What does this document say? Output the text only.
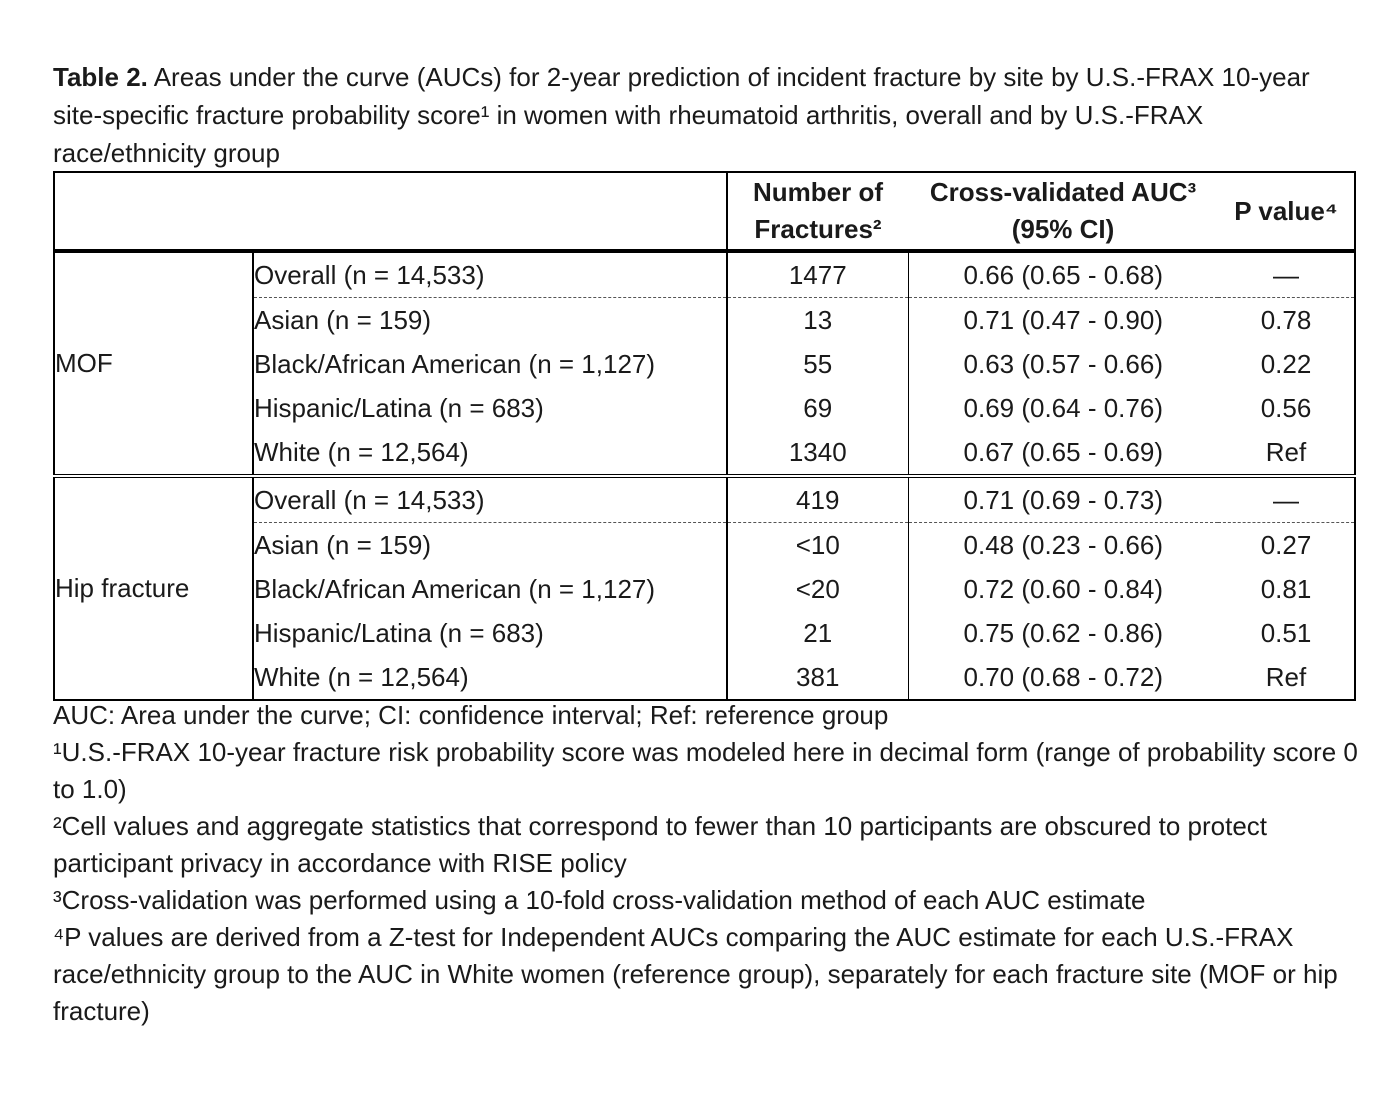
Table 2. Areas under the curve (AUCs) for 2-year prediction of incident fracture by site by U.S.-FRAX 10-year site-specific fracture probability score¹ in women with rheumatoid arthritis, overall and by U.S.-FRAX race/ethnicity group
		Number of Fractures²	Cross-validated AUC³ (95% CI)	P value⁴
MOF	Overall (n = 14,533)	1477	0.66 (0.65 - 0.68)	—
	Asian (n = 159)	13	0.71 (0.47 - 0.90)	0.78
	Black/African American (n = 1,127)	55	0.63 (0.57 - 0.66)	0.22
	Hispanic/Latina (n = 683)	69	0.69 (0.64 - 0.76)	0.56
	White (n = 12,564)	1340	0.67 (0.65 - 0.69)	Ref
Hip fracture	Overall (n = 14,533)	419	0.71 (0.69 - 0.73)	—
	Asian (n = 159)	<10	0.48 (0.23 - 0.66)	0.27
	Black/African American (n = 1,127)	<20	0.72 (0.60 - 0.84)	0.81
	Hispanic/Latina (n = 683)	21	0.75 (0.62 - 0.86)	0.51
	White (n = 12,564)	381	0.70 (0.68 - 0.72)	Ref

AUC: Area under the curve; CI: confidence interval; Ref: reference group

¹U.S.-FRAX 10-year fracture risk probability score was modeled here in decimal form (range of probability score 0 to 1.0)

²Cell values and aggregate statistics that correspond to fewer than 10 participants are obscured to protect participant privacy in accordance with RISE policy

³Cross-validation was performed using a 10-fold cross-validation method of each AUC estimate

⁴P values are derived from a Z-test for Independent AUCs comparing the AUC estimate for each U.S.-FRAX race/ethnicity group to the AUC in White women (reference group), separately for each fracture site (MOF or hip fracture)
